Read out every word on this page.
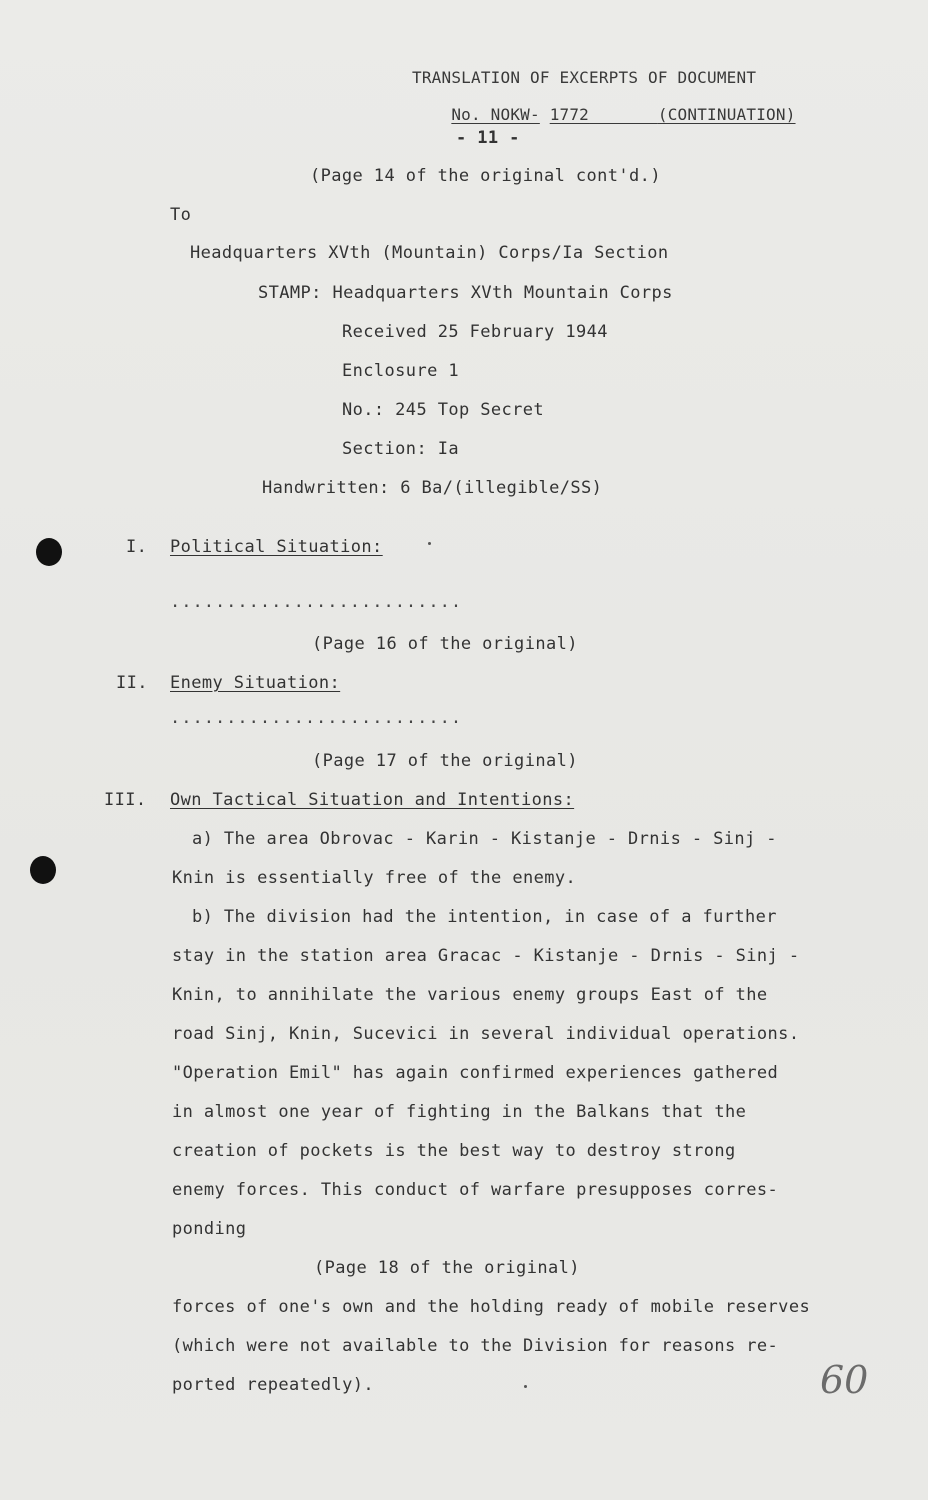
TRANSLATION OF EXCERPTS OF DOCUMENT

No. NOKW- 1772	(CONTINUATION)

- 11 -
(Page 14 of the original cont'd.)
To
Headquarters XVth (Mountain) Corps/Ia Section
STAMP: Headquarters XVth Mountain Corps
Received 25 February 1944
Enclosure 1
No.: 245 Top Secret
Section: Ia
Handwritten: 6 Ba/(illegible/SS)
I. Political Situation:
..........................
(Page 16 of the original)
II. Enemy Situation:
..........................
(Page 17 of the original)
III. Own Tactical Situation and Intentions:
a) The area Obrovac - Karin - Kistanje - Drnis - Sinj -
Knin is essentially free of the enemy.
b) The division had the intention, in case of a further
stay in the station area Gracac - Kistanje - Drnis - Sinj -
Knin, to annihilate the various enemy groups East of the
road Sinj, Knin, Sucevici in several individual operations.
"Operation Emil" has again confirmed experiences gathered
in almost one year of fighting in the Balkans that the
creation of pockets is the best way to destroy strong
enemy forces. This conduct of warfare presupposes corres-
ponding
(Page 18 of the original)
forces of one's own and the holding ready of mobile reserves
(which were not available to the Division for reasons re-
ported repeatedly).	60
